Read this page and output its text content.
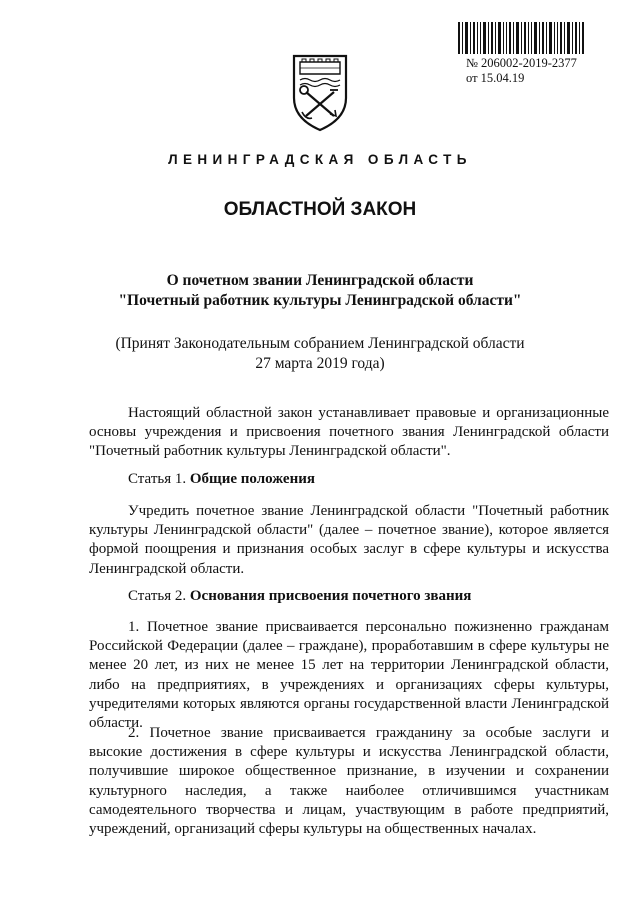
№ 206002-2019-2377
от 15.04.19
ЛЕНИНГРАДСКАЯ ОБЛАСТЬ
ОБЛАСТНОЙ ЗАКОН
О почетном звании Ленинградской области
"Почетный работник культуры Ленинградской области"
(Принят Законодательным собранием Ленинградской области
27 марта 2019 года)

Настоящий областной закон устанавливает правовые и организационные основы учреждения и присвоения почетного звания Ленинградской области "Почетный работник культуры Ленинградской области".

Статья 1. Общие положения

Учредить почетное звание Ленинградской области "Почетный работник культуры Ленинградской области" (далее – почетное звание), которое является формой поощрения и признания особых заслуг в сфере культуры и искусства Ленинградской области.

Статья 2. Основания присвоения почетного звания

1. Почетное звание присваивается персонально пожизненно гражданам Российской Федерации (далее – граждане), проработавшим в сфере культуры не менее 20 лет, из них не менее 15 лет на территории Ленинградской области, либо на предприятиях, в учреждениях и организациях сферы культуры, учредителями которых являются органы государственной власти Ленинградской области.

2. Почетное звание присваивается гражданину за особые заслуги и высокие достижения в сфере культуры и искусства Ленинградской области, получившие широкое общественное признание, в изучении и сохранении культурного наследия, а также наиболее отличившимся участникам самодеятельного творчества и лицам, участвующим в работе предприятий, учреждений, организаций сферы культуры на общественных началах.
